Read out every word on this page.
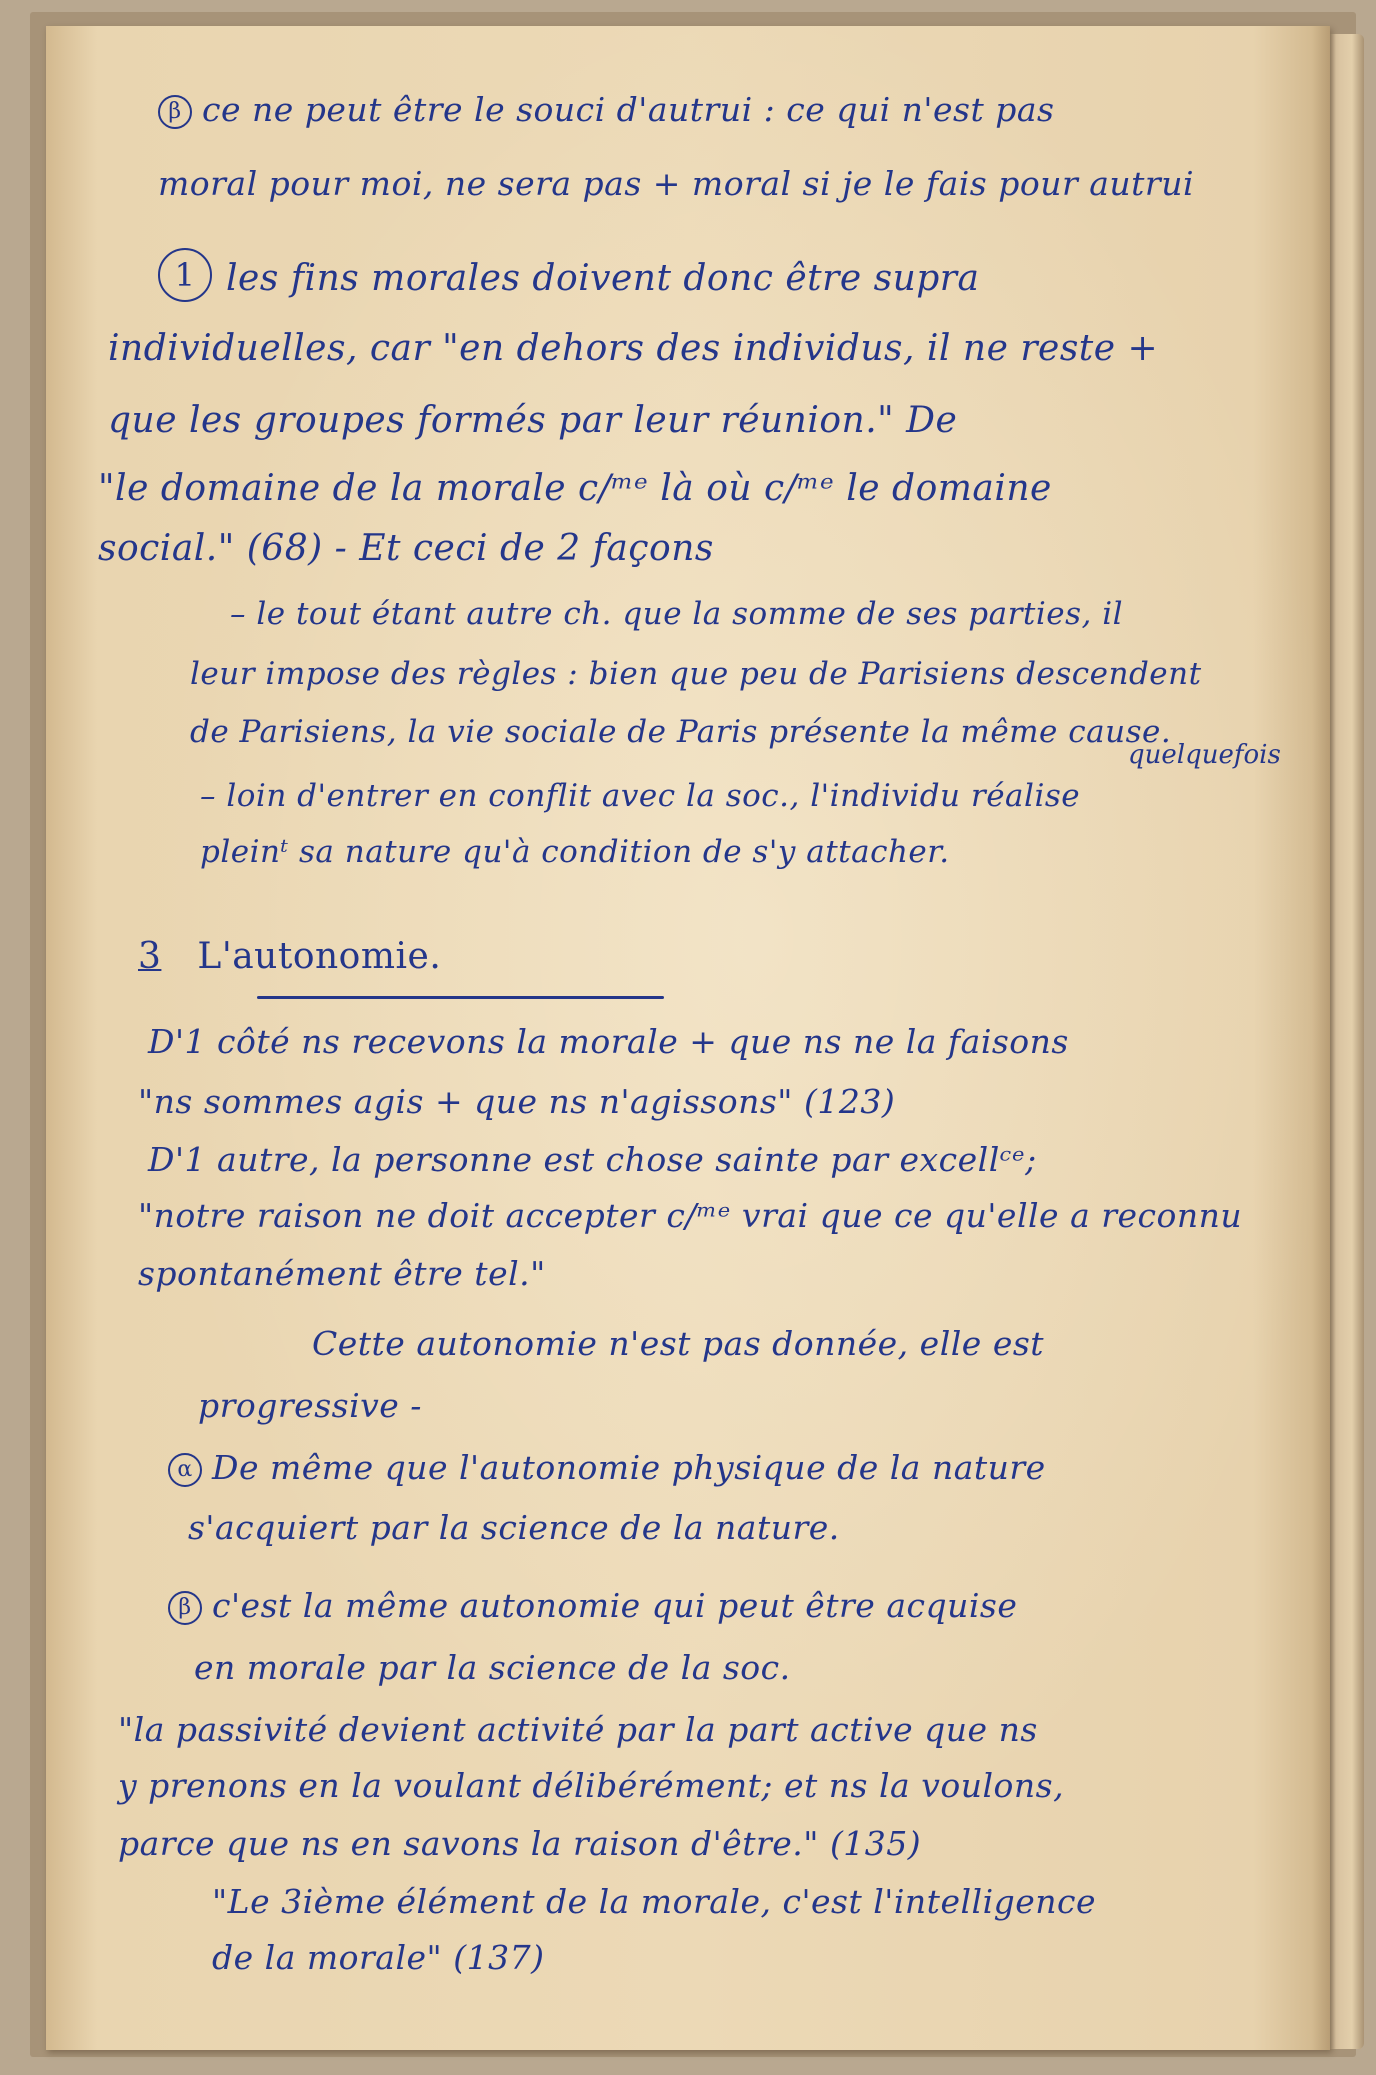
β ce ne peut être le souci d'autrui : ce qui n'est pas
moral pour moi, ne sera pas + moral si je le fais pour autrui
1 les fins morales doivent donc être supra
individuelles, car "en dehors des individus, il ne reste +
que les groupes formés par leur réunion." De
"le domaine de la morale c/ᵐᵉ là où c/ᵐᵉ le domaine
social." (68) - Et ceci de 2 façons
– le tout étant autre ch. que la somme de ses parties, il
leur impose des règles : bien que peu de Parisiens descendent
de Parisiens, la vie sociale de Paris présente la même cause.
quelquefois
– loin d'entrer en conflit avec la soc., l'individu réalise
pleinᵗ sa nature qu'à condition de s'y attacher.
3 L'autonomie.
D'1 côté ns recevons la morale + que ns ne la faisons
"ns sommes agis + que ns n'agissons" (123)
D'1 autre, la personne est chose sainte par excellᶜᵉ;
"notre raison ne doit accepter c/ᵐᵉ vrai que ce qu'elle a reconnu
spontanément être tel."
Cette autonomie n'est pas donnée, elle est
progressive -
α De même que l'autonomie physique de la nature
s'acquiert par la science de la nature.
β c'est la même autonomie qui peut être acquise
en morale par la science de la soc.
"la passivité devient activité par la part active que ns
y prenons en la voulant délibérément; et ns la voulons,
parce que ns en savons la raison d'être." (135)
"Le 3ième élément de la morale, c'est l'intelligence
de la morale" (137)
